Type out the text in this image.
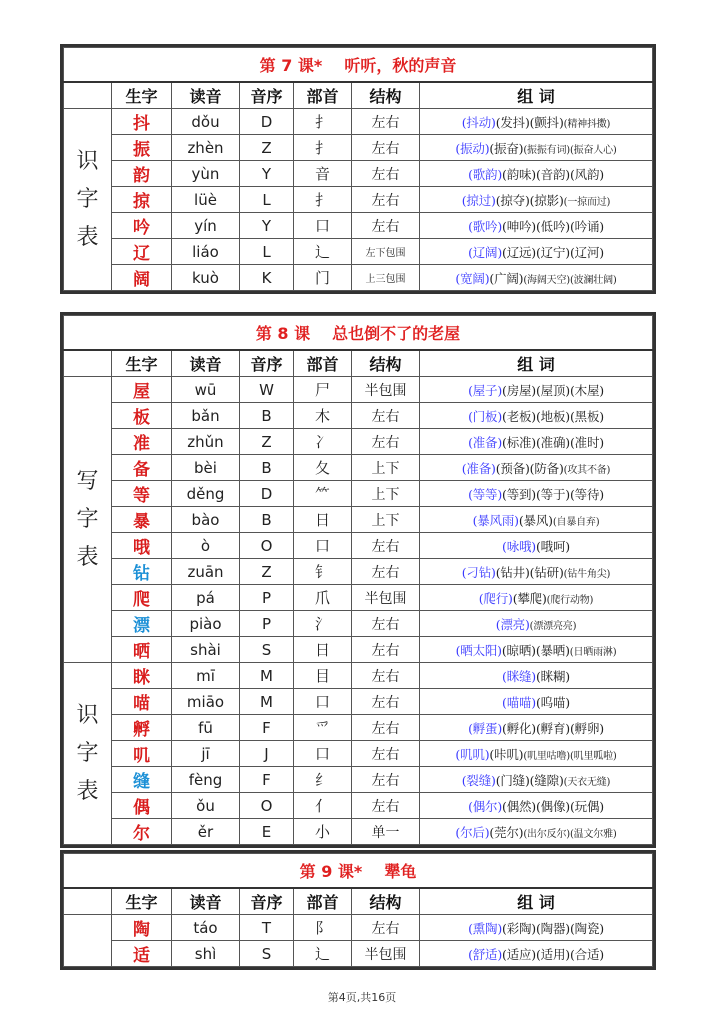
第 7 课* 听听，秋的声音						
	生字	读音	音序	部首	结构	组 词

识
字
表	抖	dǒu	D	扌	左右	(抖动)(发抖)(颤抖)(精神抖擞)
	振	zhèn	Z	扌	左右	(振动)(振奋)(振振有词)(振奋人心)
	韵	yùn	Y	音	左右	(歌韵)(韵味)(音韵)(风韵)
	掠	lüè	L	扌	左右	(掠过)(掠夺)(掠影)(一掠而过)
	吟	yín	Y	口	左右	(歌吟)(呻吟)(低吟)(吟诵)
	辽	liáo	L	辶	左下包围	(辽阔)(辽远)(辽宁)(辽河)
	阔	kuò	K	门	上三包围	(宽阔)(广阔)(海阔天空)(波澜壮阔)
第 8 课 总也倒不了的老屋						
	生字	读音	音序	部首	结构	组 词

写
字
表	屋	wū	W	尸	半包围	(屋子)(房屋)(屋顶)(木屋)
	板	bǎn	B	木	左右	(门板)(老板)(地板)(黑板)
	准	zhǔn	Z	冫	左右	(准备)(标准)(准确)(准时)
	备	bèi	B	夂	上下	(准备)(预备)(防备)(攻其不备)
	等	děng	D	⺮	上下	(等等)(等到)(等于)(等待)
	暴	bào	B	日	上下	(暴风雨)(暴风)(自暴自弃)
	哦	ò	O	口	左右	(咏哦)(哦呵)
	钻	zuān	Z	钅	左右	(刁钻)(钻井)(钻研)(钻牛角尖)
	爬	pá	P	爪	半包围	(爬行)(攀爬)(爬行动物)
	漂	piào	P	氵	左右	(漂亮)(漂漂亮亮)
	晒	shài	S	日	左右	(晒太阳)(晾晒)(暴晒)(日晒雨淋)

识
字
表	眯	mī	M	目	左右	(眯缝)(眯糊)
	喵	miāo	M	口	左右	(喵喵)(呜喵)
	孵	fū	F	爫	左右	(孵蛋)(孵化)(孵育)(孵卵)
	叽	jī	J	口	左右	(叽叽)(咔叽)(叽里咕噜)(叽里呱啦)
	缝	fèng	F	纟	左右	(裂缝)(门缝)(缝隙)(天衣无缝)
	偶	ǒu	O	亻	左右	(偶尔)(偶然)(偶像)(玩偶)
	尔	ěr	E	小	单一	(尔后)(莞尔)(出尔反尔)(温文尔雅)
第 9 课* 犟龟						
	生字	读音	音序	部首	结构	组 词
	陶	táo	T	阝	左右	(熏陶)(彩陶)(陶器)(陶瓷)
	适	shì	S	辶	半包围	(舒适)(适应)(适用)(合适)
第4页,共16页
